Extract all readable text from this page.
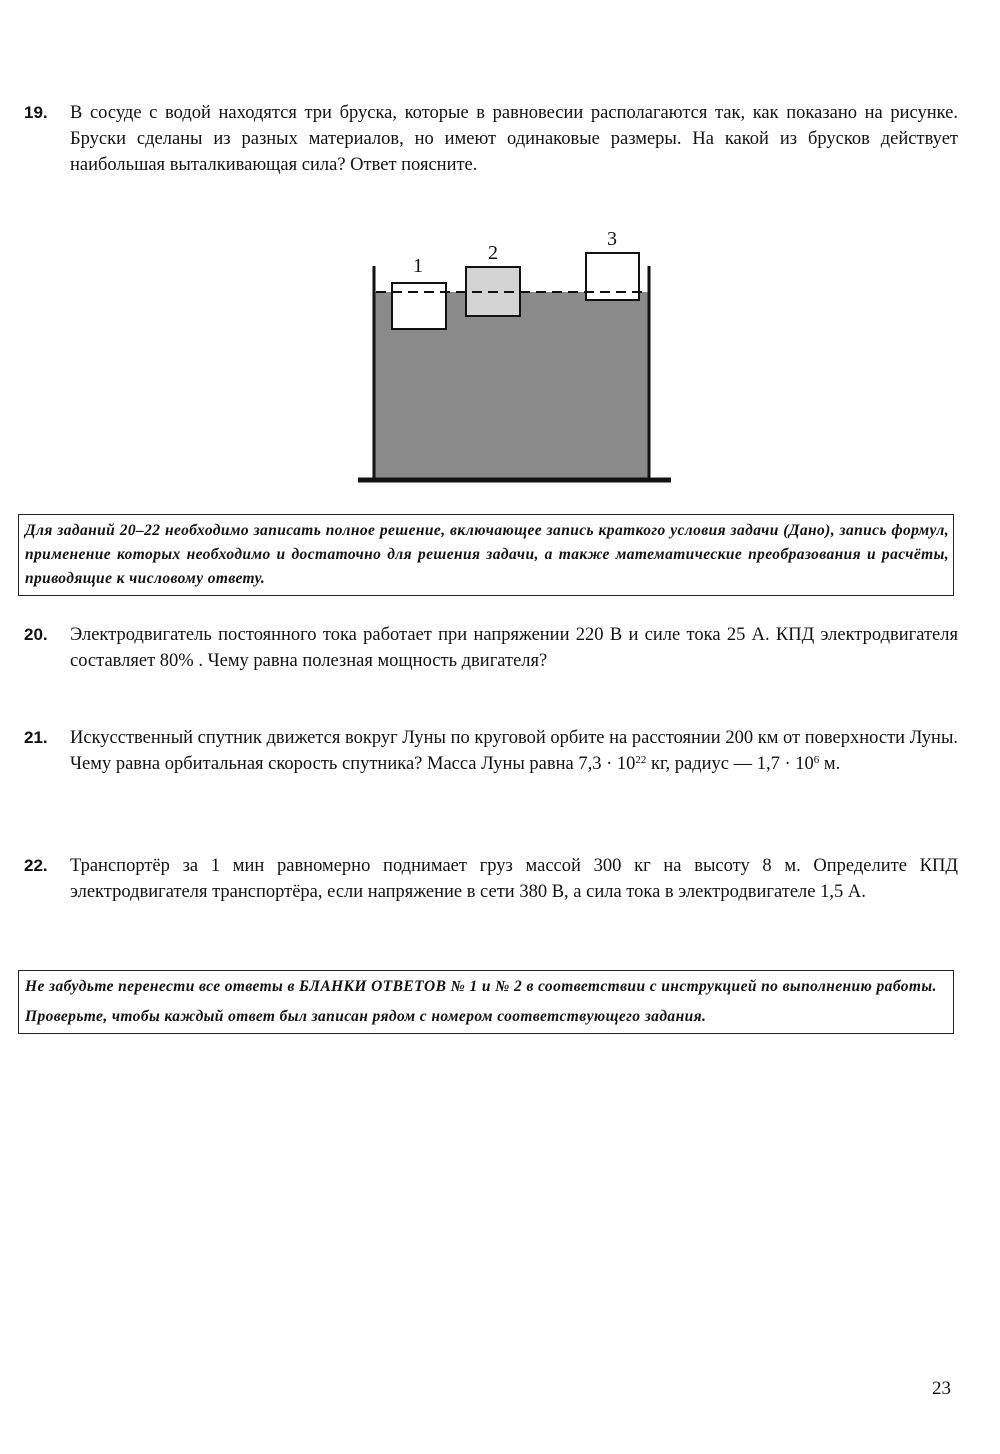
19. В сосуде с водой находятся три бруска, которые в равновесии располагаются так, как показано на рисунке. Бруски сделаны из разных материалов, но имеют одинаковые размеры. На какой из брусков действует наибольшая выталкивающая сила? Ответ поясните.
1
2
3

Для заданий 20–22 необходимо записать полное решение, включающее запись краткого условия задачи (Дано), запись формул, применение которых необходимо и достаточно для решения задачи, а также математические преобразования и расчёты, приводящие к числовому ответу.

20. Электродвигатель постоянного тока работает при напряжении 220 В и силе тока 25 А. КПД электродвигателя составляет 80% . Чему равна полезная мощность двигателя?
21. Искусственный спутник движется вокруг Луны по круговой орбите на расстоянии 200 км от поверхности Луны. Чему равна орбитальная скорость спутника? Масса Луны равна $7,3 \cdot 10^{22}$ кг, радиус — $1,7 \cdot 10^6$ м.
22. Транспортёр за 1 мин равномерно поднимает груз массой 300 кг на высоту 8 м. Определите КПД электродвигателя транспортёра, если напряжение в сети 380 В, а сила тока в электродвигателе 1,5 А.

Не забудьте перенести все ответы в БЛАНКИ ОТВЕТОВ № 1 и № 2 в соответствии с инструкцией по выполнению работы.

Проверьте, чтобы каждый ответ был записан рядом с номером соответствующего задания.

23
